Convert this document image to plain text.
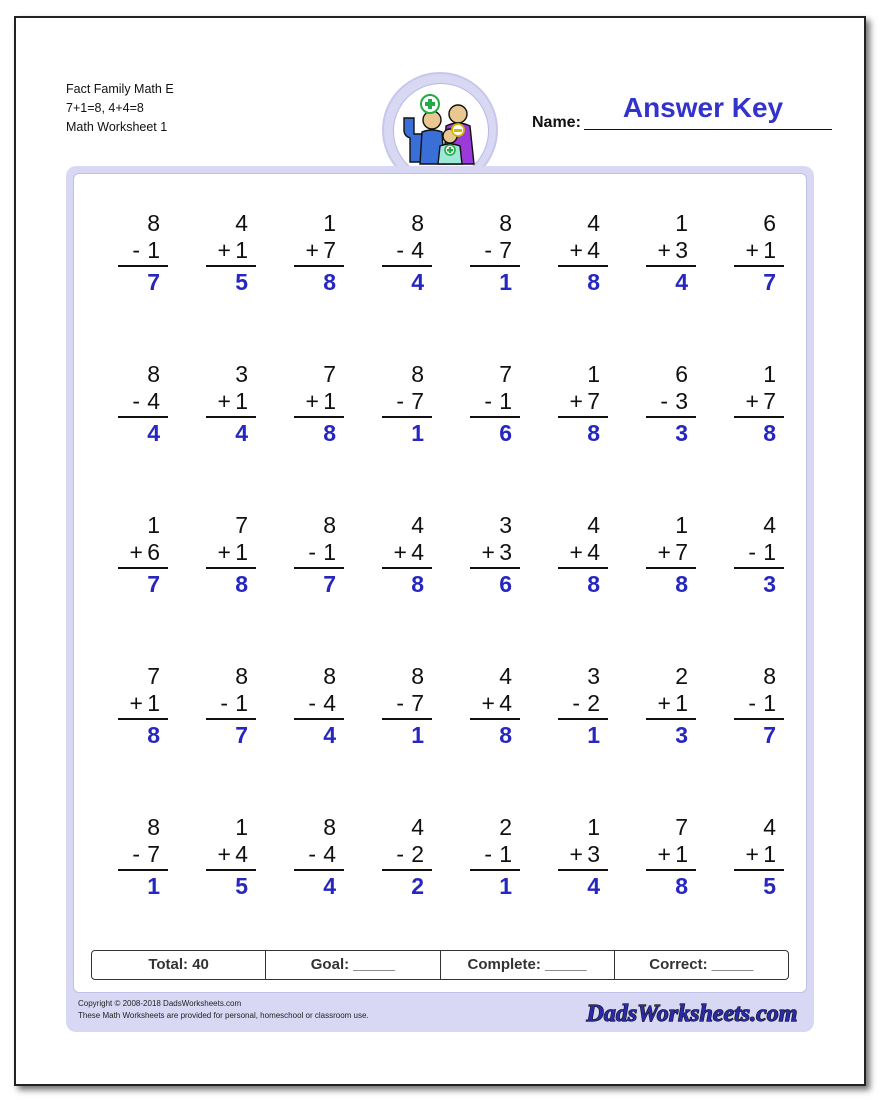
Fact Family Math E
7+1=8, 4+4=8
Math Worksheet 1	Name:	Answer Key
8
- 1
7
4
+ 1
5
1
+ 7
8
8
- 4
4
8
- 7
1
4
+ 4
8
1
+ 3
4
6
+ 1
7
8
- 4
4
3
+ 1
4
7
+ 1
8
8
- 7
1
7
- 1
6
1
+ 7
8
6
- 3
3
1
+ 7
8
1
+ 6
7
7
+ 1
8
8
- 1
7
4
+ 4
8
3
+ 3
6
4
+ 4
8
1
+ 7
8
4
- 1
3
7
+ 1
8
8
- 1
7
8
- 4
4
8
- 7
1
4
+ 4
8
3
- 2
1
2
+ 1
3
8
- 1
7
8
- 7
1
1
+ 4
5
8
- 4
4
4
- 2
2
2
- 1
1
1
+ 3
4
7
+ 1
8
4
+ 1
5
Total: 40	Goal: _____	Complete: _____	Correct: _____
Copyright © 2008-2018 DadsWorksheets.com
These Math Worksheets are provided for personal, homeschool or classroom use.	DadsWorksheets.com
